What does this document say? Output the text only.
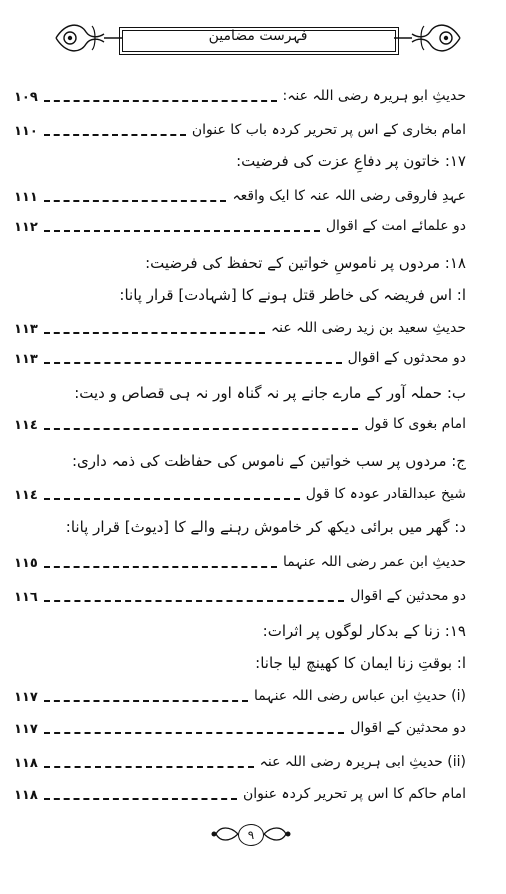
فہرست مضامین
حدیثِ ابو ہریرہ رضی اللہ عنہ:
١٠٩
امام بخاری کے اس پر تحریر کردہ باب کا عنوان
١١٠
١٧: خاتون پر دفاعِ عزت کی فرضیت:
عہدِ فاروقی رضی اللہ عنہ کا ایک واقعہ
١١١
دو علمائے امت کے اقوال
١١٢
١٨: مردوں پر ناموسِ خواتین کے تحفظ کی فرضیت:
ا: اس فریضہ کی خاطر قتل ہونے کا [شہادت] قرار پانا:
حدیثِ سعید بن زید رضی اللہ عنہ
١١٣
دو محدثوں کے اقوال
١١٣
ب: حملہ آور کے مارے جانے پر نہ گناہ اور نہ ہی قصاص و دیت:
امام بغوی کا قول
١١٤
ج: مردوں پر سب خواتین کے ناموس کی حفاظت کی ذمہ داری:
شیخ عبدالقادر عودہ کا قول
١١٤
د: گھر میں برائی دیکھ کر خاموش رہنے والے کا [دیوث] قرار پانا:
حدیثِ ابن عمر رضی اللہ عنہما
١١٥
دو محدثین کے اقوال
١١٦
١٩: زنا کے بدکار لوگوں پر اثرات:
ا: بوقتِ زنا ایمان کا کھینچ لیا جانا:
(i) حدیثِ ابن عباس رضی اللہ عنہما
١١٧
دو محدثین کے اقوال
١١٧
(ii) حدیثِ ابی ہریرہ رضی اللہ عنہ
١١٨
امام حاکم کا اس پر تحریر کردہ عنوان
١١٨
٩
